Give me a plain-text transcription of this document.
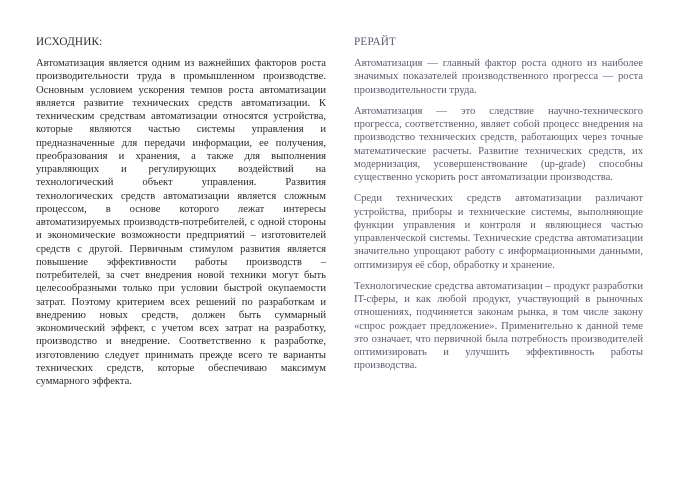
ИСХОДНИК:

Автоматизация является одним из важнейших факторов роста производительности труда в промышленном производстве. Основным условием ускорения темпов роста автоматизации является развитие технических средств автоматизации. К техническим средствам автоматизации относятся устройства, которые являются частью системы управления и предназначенные для передачи информации, ее получения, преобразования и хранения, а также для выполнения управляющих и регулирующих воздействий на технологический объект управления. Развития технологических средств автоматизации является сложным процессом, в основе которого лежат интересы автоматизируемых производств-потребителей, с одной стороны и экономические возможности предприятий – изготовителей средств с другой. Первичным стимулом развития является повышение эффективности работы производств – потребителей, за счет внедрения новой техники могут быть целесообразными только при условии быстрой окупаемости затрат. Поэтому критерием всех решений по разработкам и внедрению новых средств, должен быть суммарный экономический эффект, с учетом всех затрат на разработку, производство и внедрение. Соответственно к разработке, изготовлению следует принимать прежде всего те варианты технических средств, которые обеспечиваю максимум суммарного эффекта.

РЕРАЙТ

Автоматизация — главный фактор роста одного из наиболее значимых показателей производственного прогресса — роста производительности труда.

Автоматизация — это следствие научно-технического прогресса, соответственно, являет собой процесс внедрения на производство технических средств, работающих через точные математические расчеты. Развитие технических средств, их модернизация, усовершенствование (up-grade) способны существенно ускорить рост автоматизации производства.

Среди технических средств автоматизации различают устройства, приборы и технические системы, выполняющие функции управления и контроля и являющиеся частью управленческой системы. Технические средства автоматизации значительно упрощают работу с информационными данными, оптимизируя её сбор, обработку и хранение.

Технологические средства автоматизации – продукт разработки IT-сферы, и как любой продукт, участвующий в рыночных отношениях, подчиняется законам рынка, в том числе закону «спрос рождает предложение». Применительно к данной теме это означает, что первичной была потребность производителей оптимизировать и улучшить эффективность работы производства.
